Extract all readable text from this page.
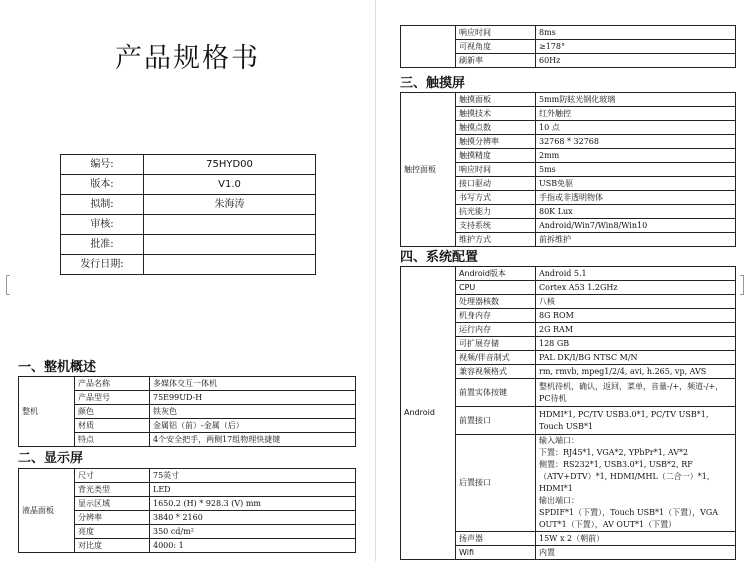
产品规格书
编号:	75HYD00
版本:	V1.0
拟制:	朱海涛
审核:	
批准:	
发行日期:	
一、整机概述
整机	产品名称	多媒体交互一体机
	产品型号	75E99UD-H
	颜色	铁灰色
	材质	金属铝（前）-金属（后）
	特点	4个安全把手，两侧17组物理快捷键
二、显示屏
液晶面板	尺寸	75英寸
	背光类型	LED
	显示区域	1650.2 (H) * 928.3 (V) mm
	分辨率	3840 * 2160
	亮度	350 cd/m²
	对比度	4000: 1
	响应时间	8ms
	可视角度	≥178°
	刷新率	60Hz
三、触摸屏
触控面板	触摸面板	5mm防眩光钢化玻璃
	触摸技术	红外触控
	触摸点数	10 点
	触摸分辨率	32768 * 32768
	触摸精度	2mm
	响应时间	5ms
	接口驱动	USB免驱
	书写方式	手指或非透明物体
	抗光能力	80K Lux
	支持系统	Android/Win7/Win8/Win10
	维护方式	前拆维护
四、系统配置
Android	Android版本	Android 5.1
	CPU	Cortex A53 1.2GHz
	处理器核数	八核
	机身内存	8G ROM
	运行内存	2G RAM
	可扩展存储	128 GB
	视频/伴音制式	PAL DK/I/BG NTSC M/N
	兼容视频格式	rm, rmvb, mpeg1/2/4, avi, h.265, vp, AVS
	前置实体按键	整机待机，确认，返回，菜单，音量-/+，频道-/+，PC待机
	前置接口	HDMI*1, PC/TV USB3.0*1, PC/TV USB*1, Touch USB*1
	后置接口	输入端口：
下置：RJ45*1, VGA*2, YPbPr*1, AV*2
侧置：RS232*1, USB3.0*1, USB*2, RF（ATV+DTV）*1, HDMI/MHL（二合一）*1, HDMI*1
输出端口：
SPDIF*1（下置），Touch USB*1（下置），VGA OUT*1（下置），AV OUT*1（下置）
	扬声器	15W x 2（朝前）
	Wifi	内置
